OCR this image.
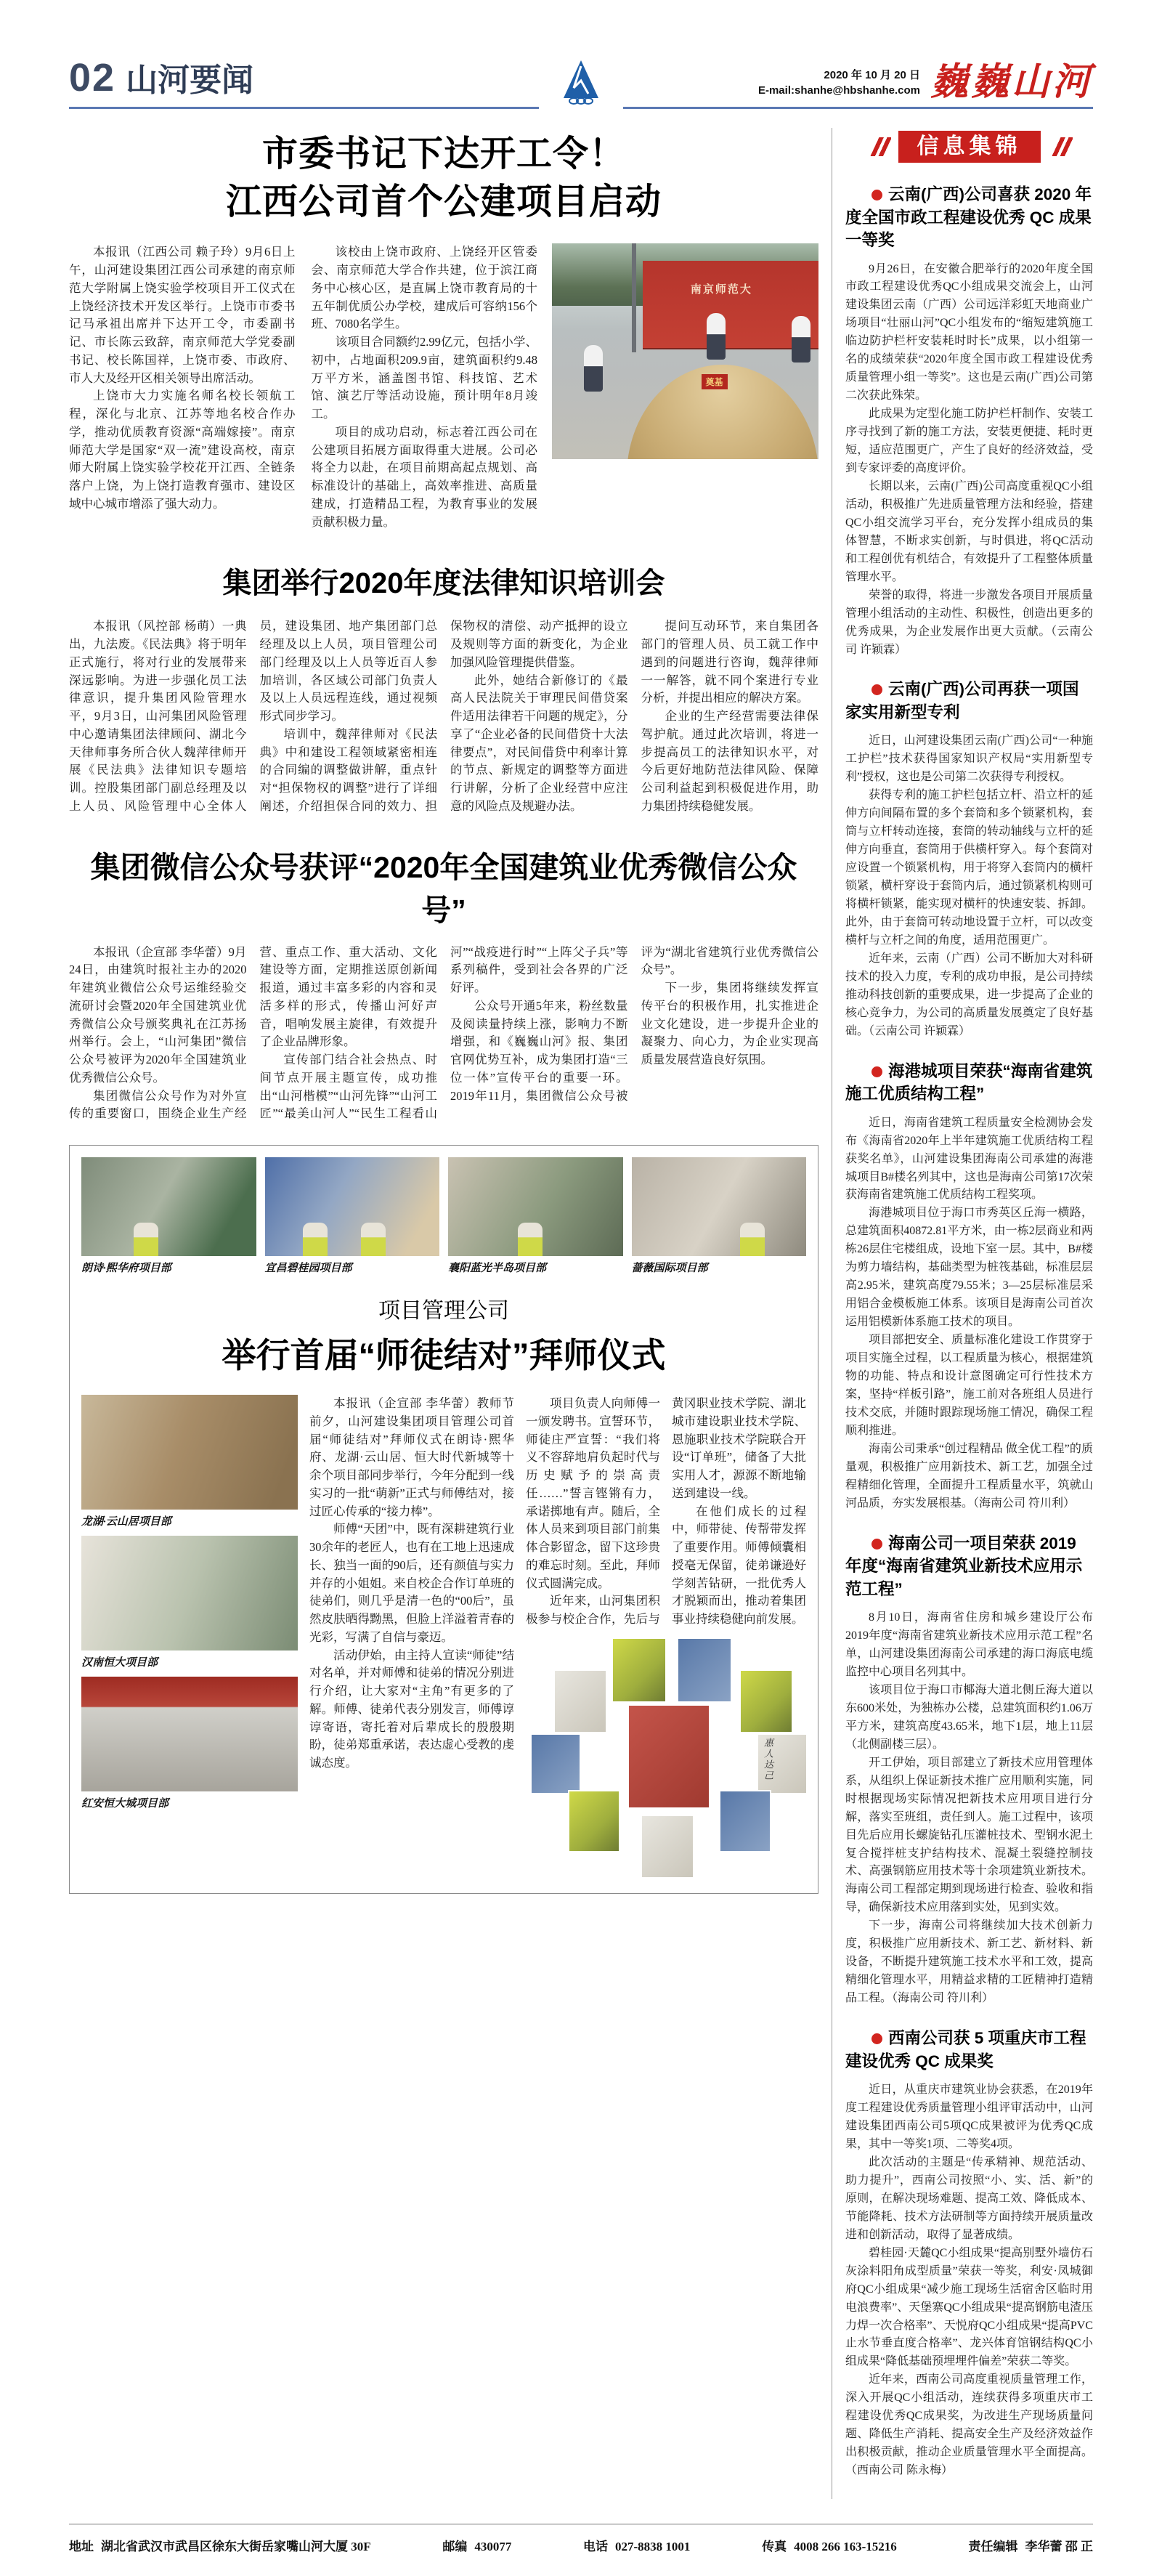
02 山河要闻	2020 年 10 月 20 日
E-mail:shanhe@hbshanhe.com 巍巍山河
市委书记下达开工令！
江西公司首个公建项目启动

本报讯（江西公司 赖子玲）9月6日上午，山河建设集团江西公司承建的南京师范大学附属上饶实验学校项目开工仪式在上饶经济技术开发区举行。上饶市市委书记马承祖出席并下达开工令，市委副书记、市长陈云致辞，南京师范大学党委副书记、校长陈国祥，上饶市委、市政府、市人大及经开区相关领导出席活动。

上饶市大力实施名师名校长领航工程，深化与北京、江苏等地名校合作办学，推动优质教育资源“高端嫁接”。南京师范大学是国家“双一流”建设高校，南京师大附属上饶实验学校花开江西、全链条落户上饶，为上饶打造教育强市、建设区域中心城市增添了强大动力。

该校由上饶市政府、上饶经开区管委会、南京师范大学合作共建，位于滨江商务中心核心区，是直属上饶市教育局的十五年制优质公办学校，建成后可容纳156个班、7080名学生。

该项目合同额约2.99亿元，包括小学、初中，占地面积209.9亩，建筑面积约9.48万平方米，涵盖图书馆、科技馆、艺术馆、演艺厅等活动设施，预计明年8月竣工。

项目的成功启动，标志着江西公司在公建项目拓展方面取得重大进展。公司必将全力以赴，在项目前期高起点规划、高标准设计的基础上，高效率推进、高质量建成，打造精品工程，为教育事业的发展贡献积极力量。

南京师范大
奠基
集团举行2020年度法律知识培训会

本报讯（风控部 杨萌）一典出，九法废。《民法典》将于明年正式施行，将对行业的发展带来深远影响。为进一步强化员工法律意识，提升集团风险管理水平，9月3日，山河集团风险管理中心邀请集团法律顾问、湖北今天律师事务所合伙人魏萍律师开展《民法典》法律知识专题培训。控股集团部门副总经理及以上人员、风险管理中心全体人员，建设集团、地产集团部门总经理及以上人员，项目管理公司部门经理及以上人员等近百人参加培训，各区域公司部门负责人及以上人员远程连线，通过视频形式同步学习。

培训中，魏萍律师对《民法典》中和建设工程领域紧密相连的合同编的调整做讲解，重点针对“担保物权的调整”进行了详细阐述，介绍担保合同的效力、担保物权的清偿、动产抵押的设立及规则等方面的新变化，为企业加强风险管理提供借鉴。

此外，她结合新修订的《最高人民法院关于审理民间借贷案件适用法律若干问题的规定》，分享了“企业必备的民间借贷十大法律要点”，对民间借贷中利率计算的节点、新规定的调整等方面进行讲解，分析了企业经营中应注意的风险点及规避办法。

提问互动环节，来自集团各部门的管理人员、员工就工作中遇到的问题进行咨询，魏萍律师一一解答，就不同个案进行专业分析，并提出相应的解决方案。

企业的生产经营需要法律保驾护航。通过此次培训，将进一步提高员工的法律知识水平，对今后更好地防范法律风险、保障公司利益起到积极促进作用，助力集团持续稳健发展。

集团微信公众号获评“2020年全国建筑业优秀微信公众号”

本报讯（企宣部 李华蕾）9月24日，由建筑时报社主办的2020年建筑业微信公众号运维经验交流研讨会暨2020年全国建筑业优秀微信公众号颁奖典礼在江苏扬州举行。会上，“山河集团”微信公众号被评为2020年全国建筑业优秀微信公众号。

集团微信公众号作为对外宣传的重要窗口，围绕企业生产经营、重点工作、重大活动、文化建设等方面，定期推送原创新闻报道，通过丰富多彩的内容和灵活多样的形式，传播山河好声音，唱响发展主旋律，有效提升了企业品牌形象。

宣传部门结合社会热点、时间节点开展主题宣传，成功推出“山河楷模”“山河先锋”“山河工匠”“最美山河人”“民生工程看山河”“战疫进行时”“上阵父子兵”等系列稿件，受到社会各界的广泛好评。

公众号开通5年来，粉丝数量及阅读量持续上涨，影响力不断增强，和《巍巍山河》报、集团官网优势互补，成为集团打造“三位一体”宣传平台的重要一环。2019年11月，集团微信公众号被评为“湖北省建筑行业优秀微信公众号”。

下一步，集团将继续发挥宣传平台的积极作用，扎实推进企业文化建设，进一步提升企业的凝聚力、向心力，为企业实现高质量发展营造良好氛围。

朗诗·熙华府项目部	宜昌碧桂园项目部	襄阳蓝光半岛项目部	蔷薇国际项目部
项目管理公司
举行首届“师徒结对”拜师仪式
龙湖·云山居项目部
汉南恒大项目部
红安恒大城项目部

本报讯（企宣部 李华蕾）教师节前夕，山河建设集团项目管理公司首届“师徒结对”拜师仪式在朗诗·熙华府、龙湖·云山居、恒大时代新城等十余个项目部同步举行，今年分配到一线实习的一批“萌新”正式与师傅结对，接过匠心传承的“接力棒”。

师傅“天团”中，既有深耕建筑行业30余年的老匠人，也有在工地上迅速成长、独当一面的90后，还有颜值与实力并存的小姐姐。来自校企合作订单班的徒弟们，则几乎是清一色的“00后”，虽然皮肤晒得黝黑，但脸上洋溢着青春的光彩，写满了自信与豪迈。

活动伊始，由主持人宣读“师徒”结对名单，并对师傅和徒弟的情况分别进行介绍，让大家对“主角”有更多的了解。师傅、徒弟代表分别发言，师傅谆谆寄语，寄托着对后辈成长的殷殷期盼，徒弟郑重承诺，表达虚心受教的虔诚态度。

项目负责人向师傅一一颁发聘书。宣誓环节，师徒庄严宣誓：“我们将义不容辞地肩负起时代与历史赋予的崇高责任……”誓言铿锵有力，承诺掷地有声。随后，全体人员来到项目部门前集体合影留念，留下这珍贵的难忘时刻。至此，拜师仪式圆满完成。

近年来，山河集团积极参与校企合作，先后与黄冈职业技术学院、湖北城市建设职业技术学院、恩施职业技术学院联合开设“订单班”，储备了大批实用人才，源源不断地输送到建设一线。

在他们成长的过程中，师带徒、传帮带发挥了重要作用。师傅倾囊相授毫无保留，徒弟谦逊好学刻苦钻研，一批优秀人才脱颖而出，推动着集团事业持续稳健向前发展。

惠人达己
信息集锦
云南(广西)公司喜获 2020 年度全国市政工程建设优秀 QC 成果一等奖

9月26日，在安徽合肥举行的2020年度全国市政工程建设优秀QC小组成果交流会上，山河建设集团云南（广西）公司远洋彩虹天地商业广场项目“壮丽山河”QC小组发布的“缩短建筑施工临边防护栏杆安装耗时时长”成果，以小组第一名的成绩荣获“2020年度全国市政工程建设优秀质量管理小组一等奖”。这也是云南(广西)公司第二次获此殊荣。

此成果为定型化施工防护栏杆制作、安装工序寻找到了新的施工方法，安装更便捷、耗时更短，适应范围更广，产生了良好的经济效益，受到专家评委的高度评价。

长期以来，云南(广西)公司高度重视QC小组活动，积极推广先进质量管理方法和经验，搭建QC小组交流学习平台，充分发挥小组成员的集体智慧，不断求实创新，与时俱进，将QC活动和工程创优有机结合，有效提升了工程整体质量管理水平。

荣誉的取得，将进一步激发各项目开展质量管理小组活动的主动性、积极性，创造出更多的优秀成果，为企业发展作出更大贡献。（云南公司 许颖霖）

云南(广西)公司再获一项国家实用新型专利

近日，山河建设集团云南(广西)公司“一种施工护栏”技术获得国家知识产权局“实用新型专利”授权，这也是公司第二次获得专利授权。

获得专利的施工护栏包括立杆、沿立杆的延伸方向间隔布置的多个套筒和多个锁紧机构，套筒与立杆转动连接，套筒的转动轴线与立杆的延伸方向垂直，套筒用于供横杆穿入。每个套筒对应设置一个锁紧机构，用于将穿入套筒内的横杆锁紧，横杆穿设于套筒内后，通过锁紧机构则可将横杆锁紧，能实现对横杆的快速安装、拆卸。此外，由于套筒可转动地设置于立杆，可以改变横杆与立杆之间的角度，适用范围更广。

近年来，云南（广西）公司不断加大对科研技术的投入力度，专利的成功申报，是公司持续推动科技创新的重要成果，进一步提高了企业的核心竞争力，为公司的高质量发展奠定了良好基础。（云南公司 许颖霖）

海港城项目荣获“海南省建筑施工优质结构工程”

近日，海南省建筑工程质量安全检测协会发布《海南省2020年上半年建筑施工优质结构工程获奖名单》，山河建设集团海南公司承建的海港城项目B#楼名列其中，这也是海南公司第17次荣获海南省建筑施工优质结构工程奖项。

海港城项目位于海口市秀英区丘海一横路，总建筑面积40872.81平方米，由一栋2层商业和两栋26层住宅楼组成，设地下室一层。其中，B#楼为剪力墙结构，基础类型为桩筏基础，标准层层高2.95米，建筑高度79.55米；3—25层标准层采用铝合金模板施工体系。该项目是海南公司首次运用铝模新体系施工技术的项目。

项目部把安全、质量标准化建设工作贯穿于项目实施全过程，以工程质量为核心，根据建筑物的功能、特点和设计意图确定可行性技术方案，坚持“样板引路”，施工前对各班组人员进行技术交底，并随时跟踪现场施工情况，确保工程顺利推进。

海南公司秉承“创过程精品 做全优工程”的质量观，积极推广应用新技术、新工艺，加强全过程精细化管理，全面提升工程质量水平，筑就山河品质，夯实发展根基。（海南公司 符川利）

海南公司一项目荣获 2019 年度“海南省建筑业新技术应用示范工程”

8月10日，海南省住房和城乡建设厅公布2019年度“海南省建筑业新技术应用示范工程”名单，山河建设集团海南公司承建的海口海底电缆监控中心项目名列其中。

该项目位于海口市椰海大道北侧丘海大道以东600米处，为独栋办公楼，总建筑面积约1.06万平方米，建筑高度43.65米，地下1层，地上11层（北侧副楼三层）。

开工伊始，项目部建立了新技术应用管理体系，从组织上保证新技术推广应用顺利实施，同时根据现场实际情况把新技术应用项目进行分解，落实至班组，责任到人。施工过程中，该项目先后应用长螺旋钻孔压灌桩技术、型钢水泥土复合搅拌桩支护结构技术、混凝土裂缝控制技术、高强钢筋应用技术等十余项建筑业新技术。海南公司工程部定期到现场进行检查、验收和指导，确保新技术应用落到实处，见到实效。

下一步，海南公司将继续加大技术创新力度，积极推广应用新技术、新工艺、新材料、新设备，不断提升建筑施工技术水平和工效，提高精细化管理水平，用精益求精的工匠精神打造精品工程。（海南公司 符川利）

西南公司获 5 项重庆市工程建设优秀 QC 成果奖

近日，从重庆市建筑业协会获悉，在2019年度工程建设优秀质量管理小组评审活动中，山河建设集团西南公司5项QC成果被评为优秀QC成果，其中一等奖1项、二等奖4项。

此次活动的主题是“传承精神、规范活动、助力提升”，西南公司按照“小、实、活、新”的原则，在解决现场难题、提高工效、降低成本、节能降耗、技术方法研制等方面持续开展质量改进和创新活动，取得了显著成绩。

碧桂园·天麓QC小组成果“提高别墅外墙仿石灰涂料阳角成型质量”荣获一等奖，利安·凤城御府QC小组成果“减少施工现场生活宿舍区临时用电浪费率”、天堡寨QC小组成果“提高钢筋电渣压力焊一次合格率”、天悦府QC小组成果“提高PVC止水节垂直度合格率”、龙兴体育馆钢结构QC小组成果“降低基础预埋埋件偏差”荣获二等奖。

近年来，西南公司高度重视质量管理工作，深入开展QC小组活动，连续获得多项重庆市工程建设优秀QC成果奖，为改进生产现场质量问题、降低生产消耗、提高安全生产及经济效益作出积极贡献，推动企业质量管理水平全面提高。（西南公司 陈永梅）

地址 湖北省武汉市武昌区徐东大街岳家嘴山河大厦 30F	邮编 430077	电话 027-8838 1001	传真 4008 266 163-15216	责任编辑 李华蕾 邵 正
